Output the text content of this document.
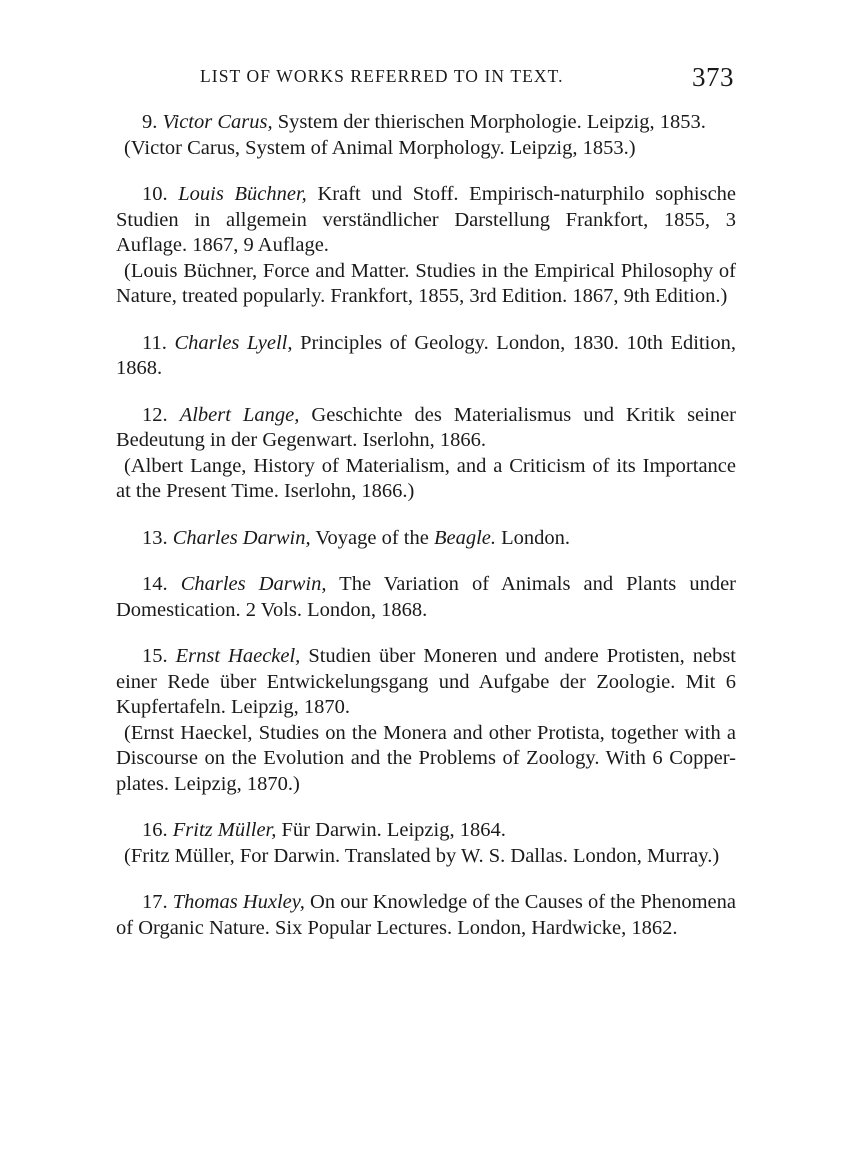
LIST OF WORKS REFERRED TO IN TEXT.	373

9. Victor Carus, System der thierischen Morphologie. Leipzig, 1853.

(Victor Carus, System of Animal Morphology. Leipzig, 1853.)

10. Louis Büchner, Kraft und Stoff. Empirisch-naturphilo sophische Studien in allgemein verständlicher Darstellung Frankfort, 1855, 3 Auflage. 1867, 9 Auflage.

(Louis Büchner, Force and Matter. Studies in the Empirical Philosophy of Nature, treated popularly. Frankfort, 1855, 3rd Edition. 1867, 9th Edition.)

11. Charles Lyell, Principles of Geology. London, 1830. 10th Edition, 1868.

12. Albert Lange, Geschichte des Materialismus und Kritik seiner Bedeutung in der Gegenwart. Iserlohn, 1866.

(Albert Lange, History of Materialism, and a Criticism of its Importance at the Present Time. Iserlohn, 1866.)

13. Charles Darwin, Voyage of the Beagle. London.

14. Charles Darwin, The Variation of Animals and Plants under Domestication. 2 Vols. London, 1868.

15. Ernst Haeckel, Studien über Moneren und andere Protisten, nebst einer Rede über Entwickelungsgang und Aufgabe der Zoologie. Mit 6 Kupfertafeln. Leipzig, 1870.

(Ernst Haeckel, Studies on the Monera and other Protista, together with a Discourse on the Evolution and the Problems of Zoology. With 6 Copper-plates. Leipzig, 1870.)

16. Fritz Müller, Für Darwin. Leipzig, 1864.

(Fritz Müller, For Darwin. Translated by W. S. Dallas. London, Murray.)

17. Thomas Huxley, On our Knowledge of the Causes of the Phenomena of Organic Nature. Six Popular Lectures. London, Hardwicke, 1862.
